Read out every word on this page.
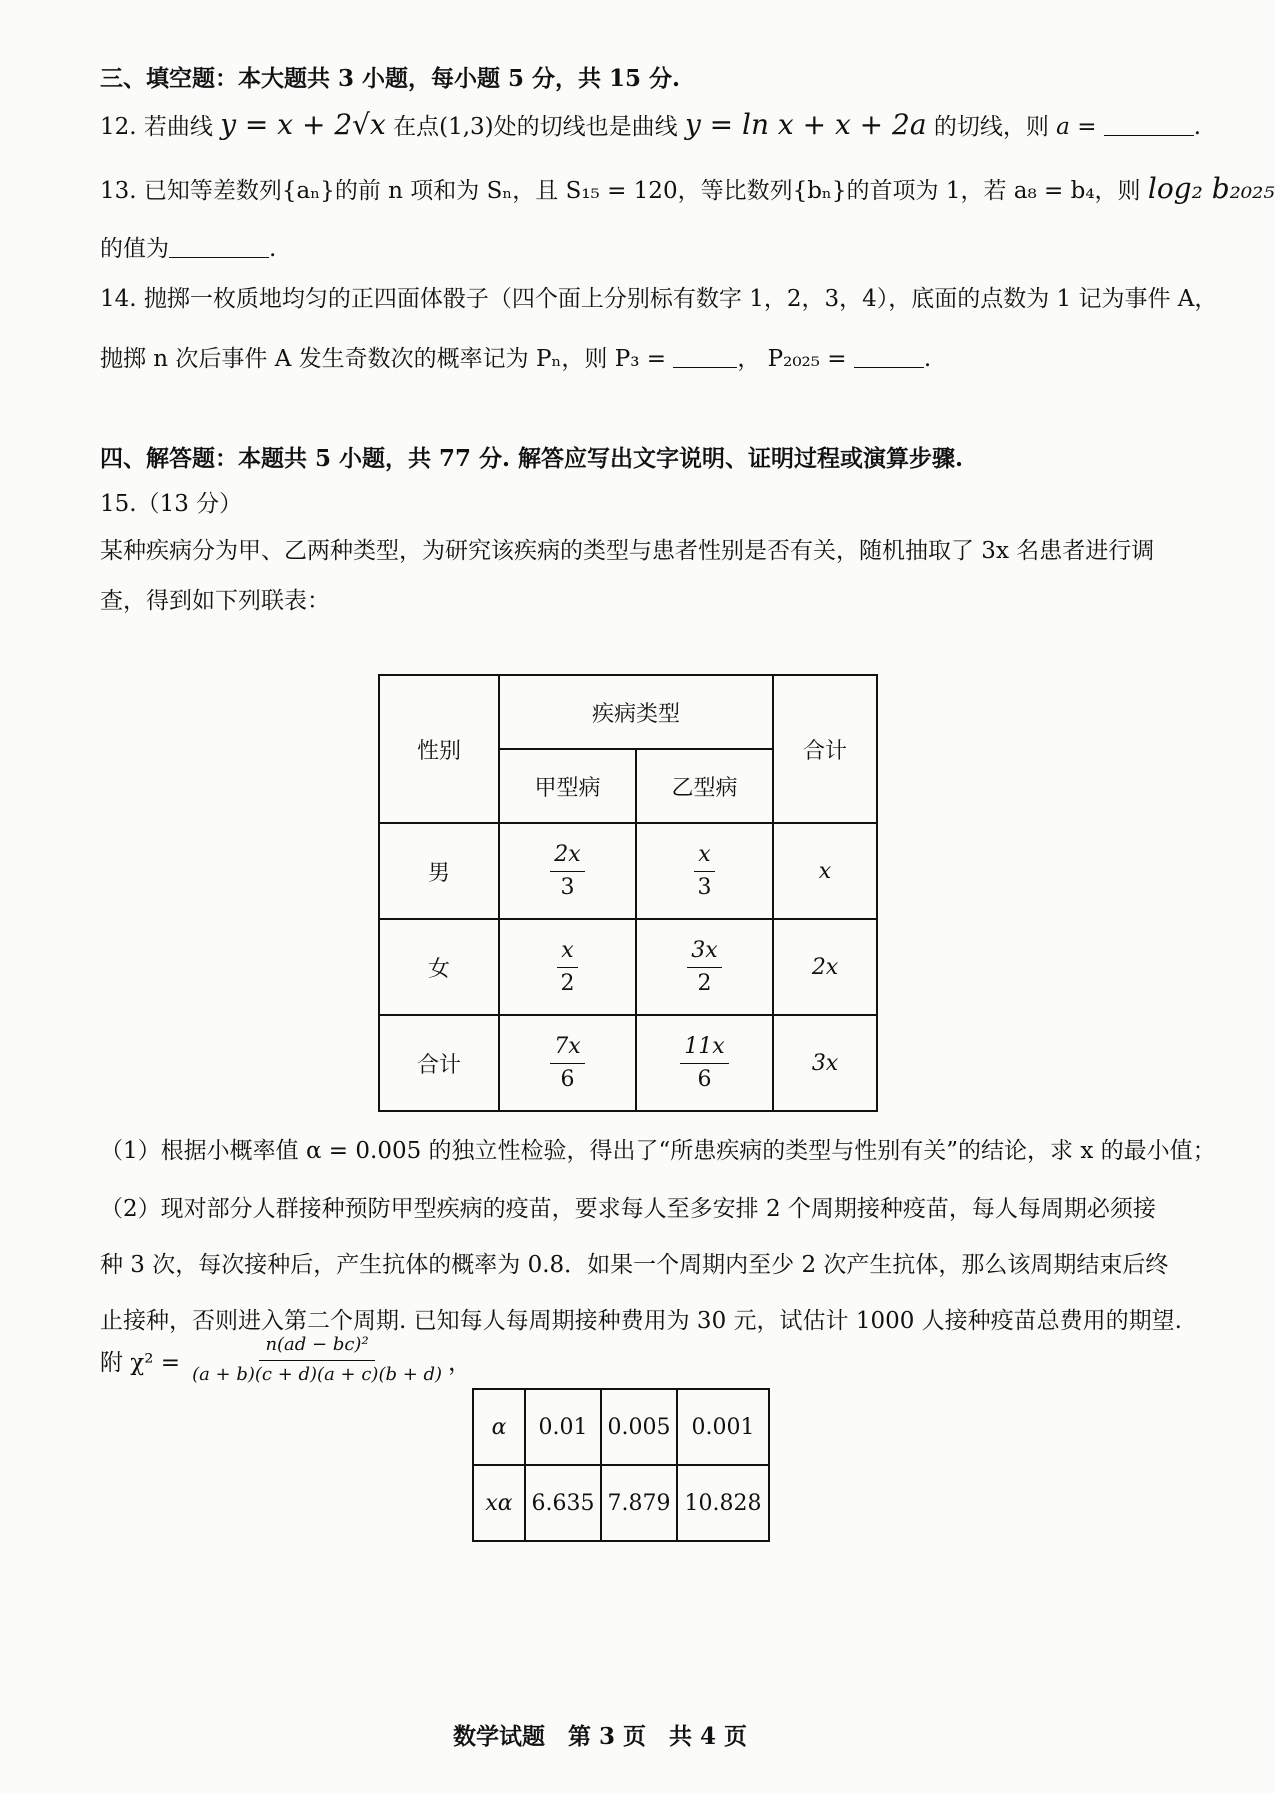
三、填空题：本大题共 3 小题，每小题 5 分，共 15 分.
12. 若曲线 y = x + 2√x 在点(1,3)处的切线也是曲线 y = ln x + x + 2a 的切线，则 a =	.
13. 已知等差数列{aₙ}的前 n 项和为 Sₙ，且 S₁₅ = 120，等比数列{bₙ}的首项为 1，若 a₈ = b₄，则 log₂ b₂₀₂₅
的值为	.
14. 抛掷一枚质地均匀的正四面体骰子（四个面上分别标有数字 1，2，3，4），底面的点数为 1 记为事件 A，
抛掷 n 次后事件 A 发生奇数次的概率记为 Pₙ，则 P₃ =	， P₂₀₂₅ =	.
四、解答题：本题共 5 小题，共 77 分. 解答应写出文字说明、证明过程或演算步骤.
15.（13 分）
某种疾病分为甲、乙两种类型，为研究该疾病的类型与患者性别是否有关，随机抽取了 3x 名患者进行调
查，得到如下列联表：
性别	疾病类型		合计
	甲型病	乙型病	
男	$\frac{2x}{3}$	$\frac{x}{3}$	x
女	$\frac{x}{2}$	$\frac{3x}{2}$	2x
合计	$\frac{7x}{6}$	$\frac{11x}{6}$	3x
（1）根据小概率值 α = 0.005 的独立性检验，得出了“所患疾病的类型与性别有关”的结论，求 x 的最小值；
（2）现对部分人群接种预防甲型疾病的疫苗，要求每人至多安排 2 个周期接种疫苗，每人每周期必须接
种 3 次，每次接种后，产生抗体的概率为 0.8．如果一个周期内至少 2 次产生抗体，那么该周期结束后终
止接种，否则进入第二个周期. 已知每人每周期接种费用为 30 元，试估计 1000 人接种疫苗总费用的期望.
附 $\chi^2 = \frac{\text{n(ad − bc)²}}{(a + b)(c + d)(a + c)(b + d)}$ ，
α	0.01	0.005	0.001
xα	6.635	7.879	10.828
数学试题　第 3 页　共 4 页
